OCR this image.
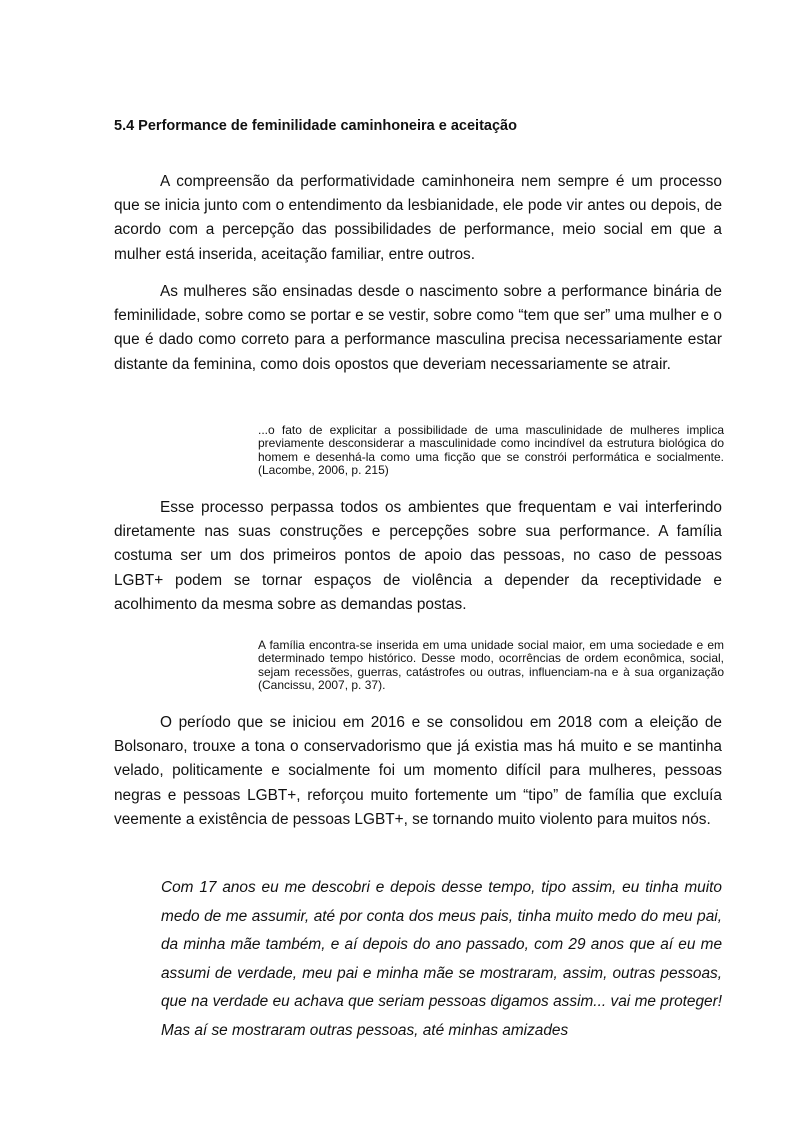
5.4 Performance de feminilidade caminhoneira e aceitação

A compreensão da performatividade caminhoneira nem sempre é um processo que se inicia junto com o entendimento da lesbianidade, ele pode vir antes ou depois, de acordo com a percepção das possibilidades de performance, meio social em que a mulher está inserida, aceitação familiar, entre outros.

As mulheres são ensinadas desde o nascimento sobre a performance binária de feminilidade, sobre como se portar e se vestir, sobre como “tem que ser” uma mulher e o que é dado como correto para a performance masculina precisa necessariamente estar distante da feminina, como dois opostos que deveriam necessariamente se atrair.

...o fato de explicitar a possibilidade de uma masculinidade de mulheres implica previamente desconsiderar a masculinidade como incindível da estrutura biológica do homem e desenhá-la como uma ficção que se constrói performática e socialmente. (Lacombe, 2006, p. 215)

Esse processo perpassa todos os ambientes que frequentam e vai interferindo diretamente nas suas construções e percepções sobre sua performance. A família costuma ser um dos primeiros pontos de apoio das pessoas, no caso de pessoas LGBT+ podem se tornar espaços de violência a depender da receptividade e acolhimento da mesma sobre as demandas postas.

A família encontra-se inserida em uma unidade social maior, em uma sociedade e em determinado tempo histórico. Desse modo, ocorrências de ordem econômica, social, sejam recessões, guerras, catástrofes ou outras, influenciam-na e à sua organização (Cancissu, 2007, p. 37).

O período que se iniciou em 2016 e se consolidou em 2018 com a eleição de Bolsonaro, trouxe a tona o conservadorismo que já existia mas há muito e se mantinha velado, politicamente e socialmente foi um momento difícil para mulheres, pessoas negras e pessoas LGBT+, reforçou muito fortemente um “tipo” de família que excluía veemente a existência de pessoas LGBT+, se tornando muito violento para muitos nós.

Com 17 anos eu me descobri e depois desse tempo, tipo assim, eu tinha muito medo de me assumir, até por conta dos meus pais, tinha muito medo do meu pai, da minha mãe também, e aí depois do ano passado, com 29 anos que aí eu me assumi de verdade, meu pai e minha mãe se mostraram, assim, outras pessoas, que na verdade eu achava que seriam pessoas digamos assim... vai me proteger! Mas aí se mostraram outras pessoas, até minhas amizades
